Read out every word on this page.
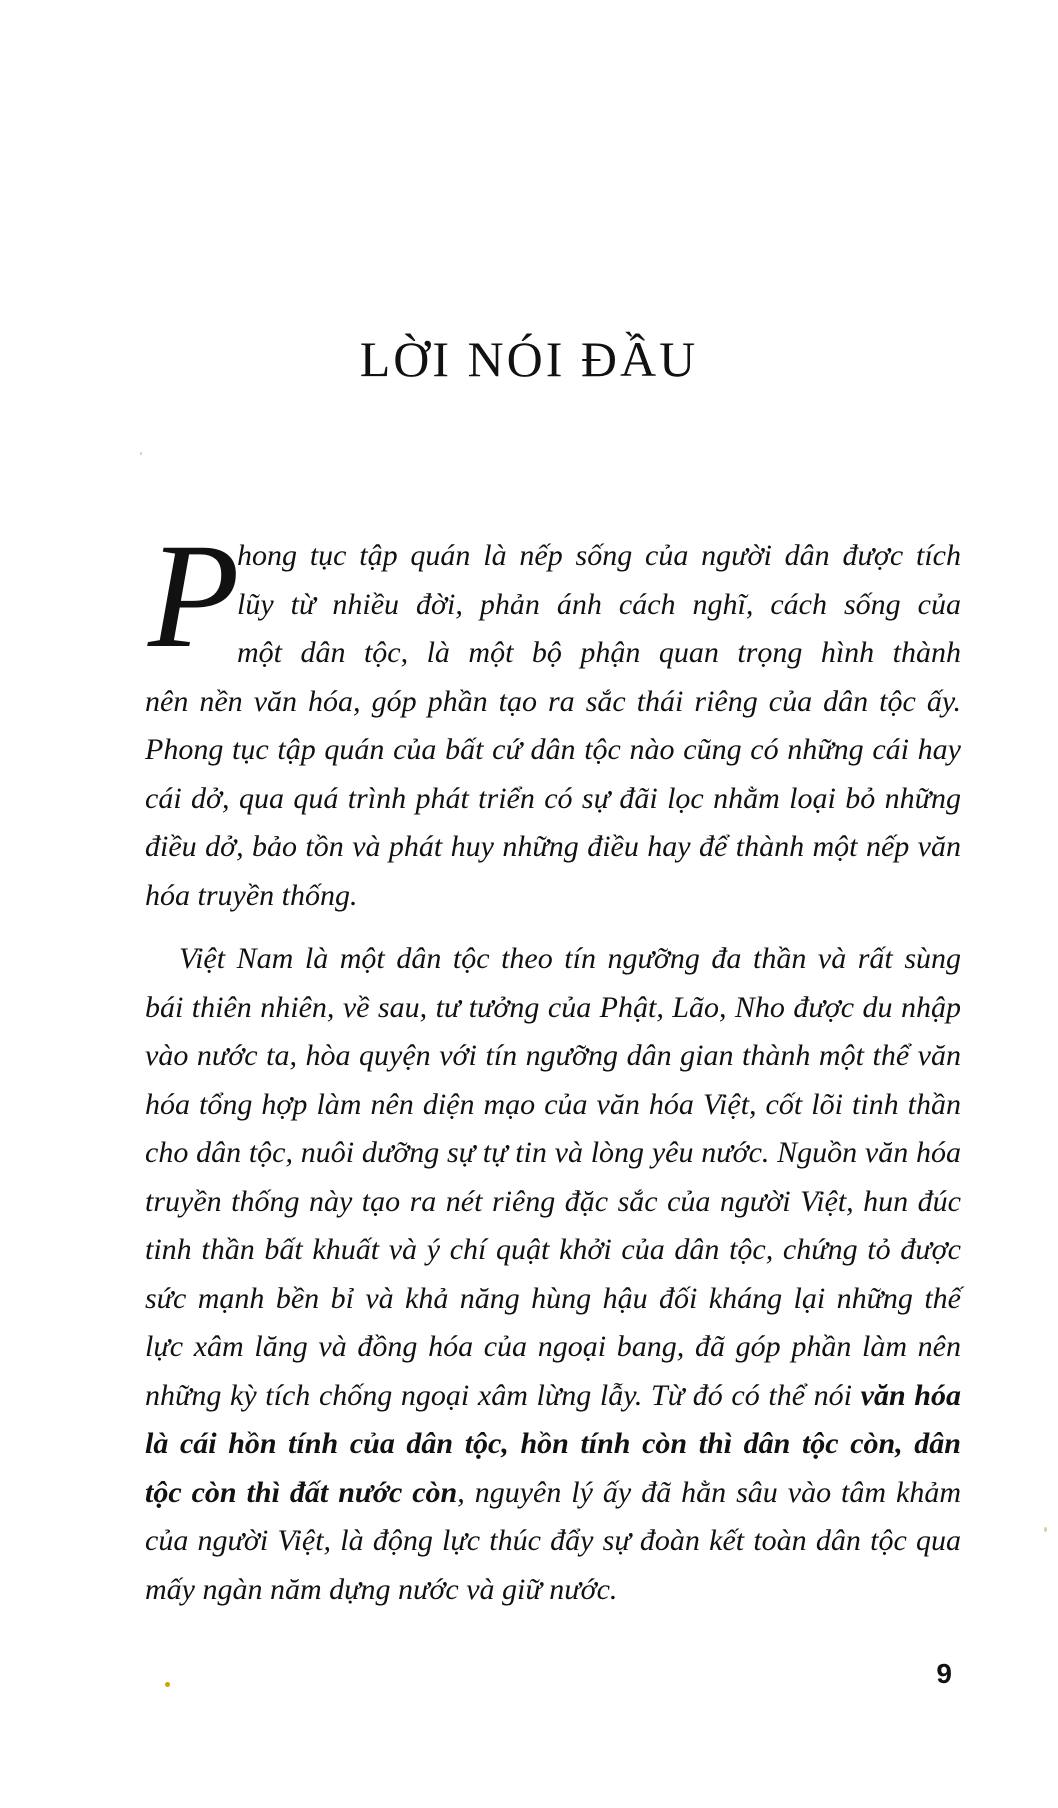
LỜI NÓI ĐẦU
P
hong tục tập quán là nếp sống của người dân được tích
lũy từ nhiều đời, phản ánh cách nghĩ, cách sống của
một dân tộc, là một bộ phận quan trọng hình thành
nên nền văn hóa, góp phần tạo ra sắc thái riêng của dân tộc ấy.
Phong tục tập quán của bất cứ dân tộc nào cũng có những cái hay
cái dở, qua quá trình phát triển có sự đãi lọc nhằm loại bỏ những
điều dở, bảo tồn và phát huy những điều hay để thành một nếp văn
hóa truyền thống.
Việt Nam là một dân tộc theo tín ngưỡng đa thần và rất sùng
bái thiên nhiên, về sau, tư tưởng của Phật, Lão, Nho được du nhập
vào nước ta, hòa quyện với tín ngưỡng dân gian thành một thể văn
hóa tổng hợp làm nên diện mạo của văn hóa Việt, cốt lõi tinh thần
cho dân tộc, nuôi dưỡng sự tự tin và lòng yêu nước. Nguồn văn hóa
truyền thống này tạo ra nét riêng đặc sắc của người Việt, hun đúc
tinh thần bất khuất và ý chí quật khởi của dân tộc, chứng tỏ được
sức mạnh bền bỉ và khả năng hùng hậu đối kháng lại những thế
lực xâm lăng và đồng hóa của ngoại bang, đã góp phần làm nên
những kỳ tích chống ngoại xâm lừng lẫy. Từ đó có thể nói văn hóa
là cái hồn tính của dân tộc, hồn tính còn thì dân tộc còn, dân
tộc còn thì đất nước còn, nguyên lý ấy đã hằn sâu vào tâm khảm
của người Việt, là động lực thúc đẩy sự đoàn kết toàn dân tộc qua
mấy ngàn năm dựng nước và giữ nước.
9
